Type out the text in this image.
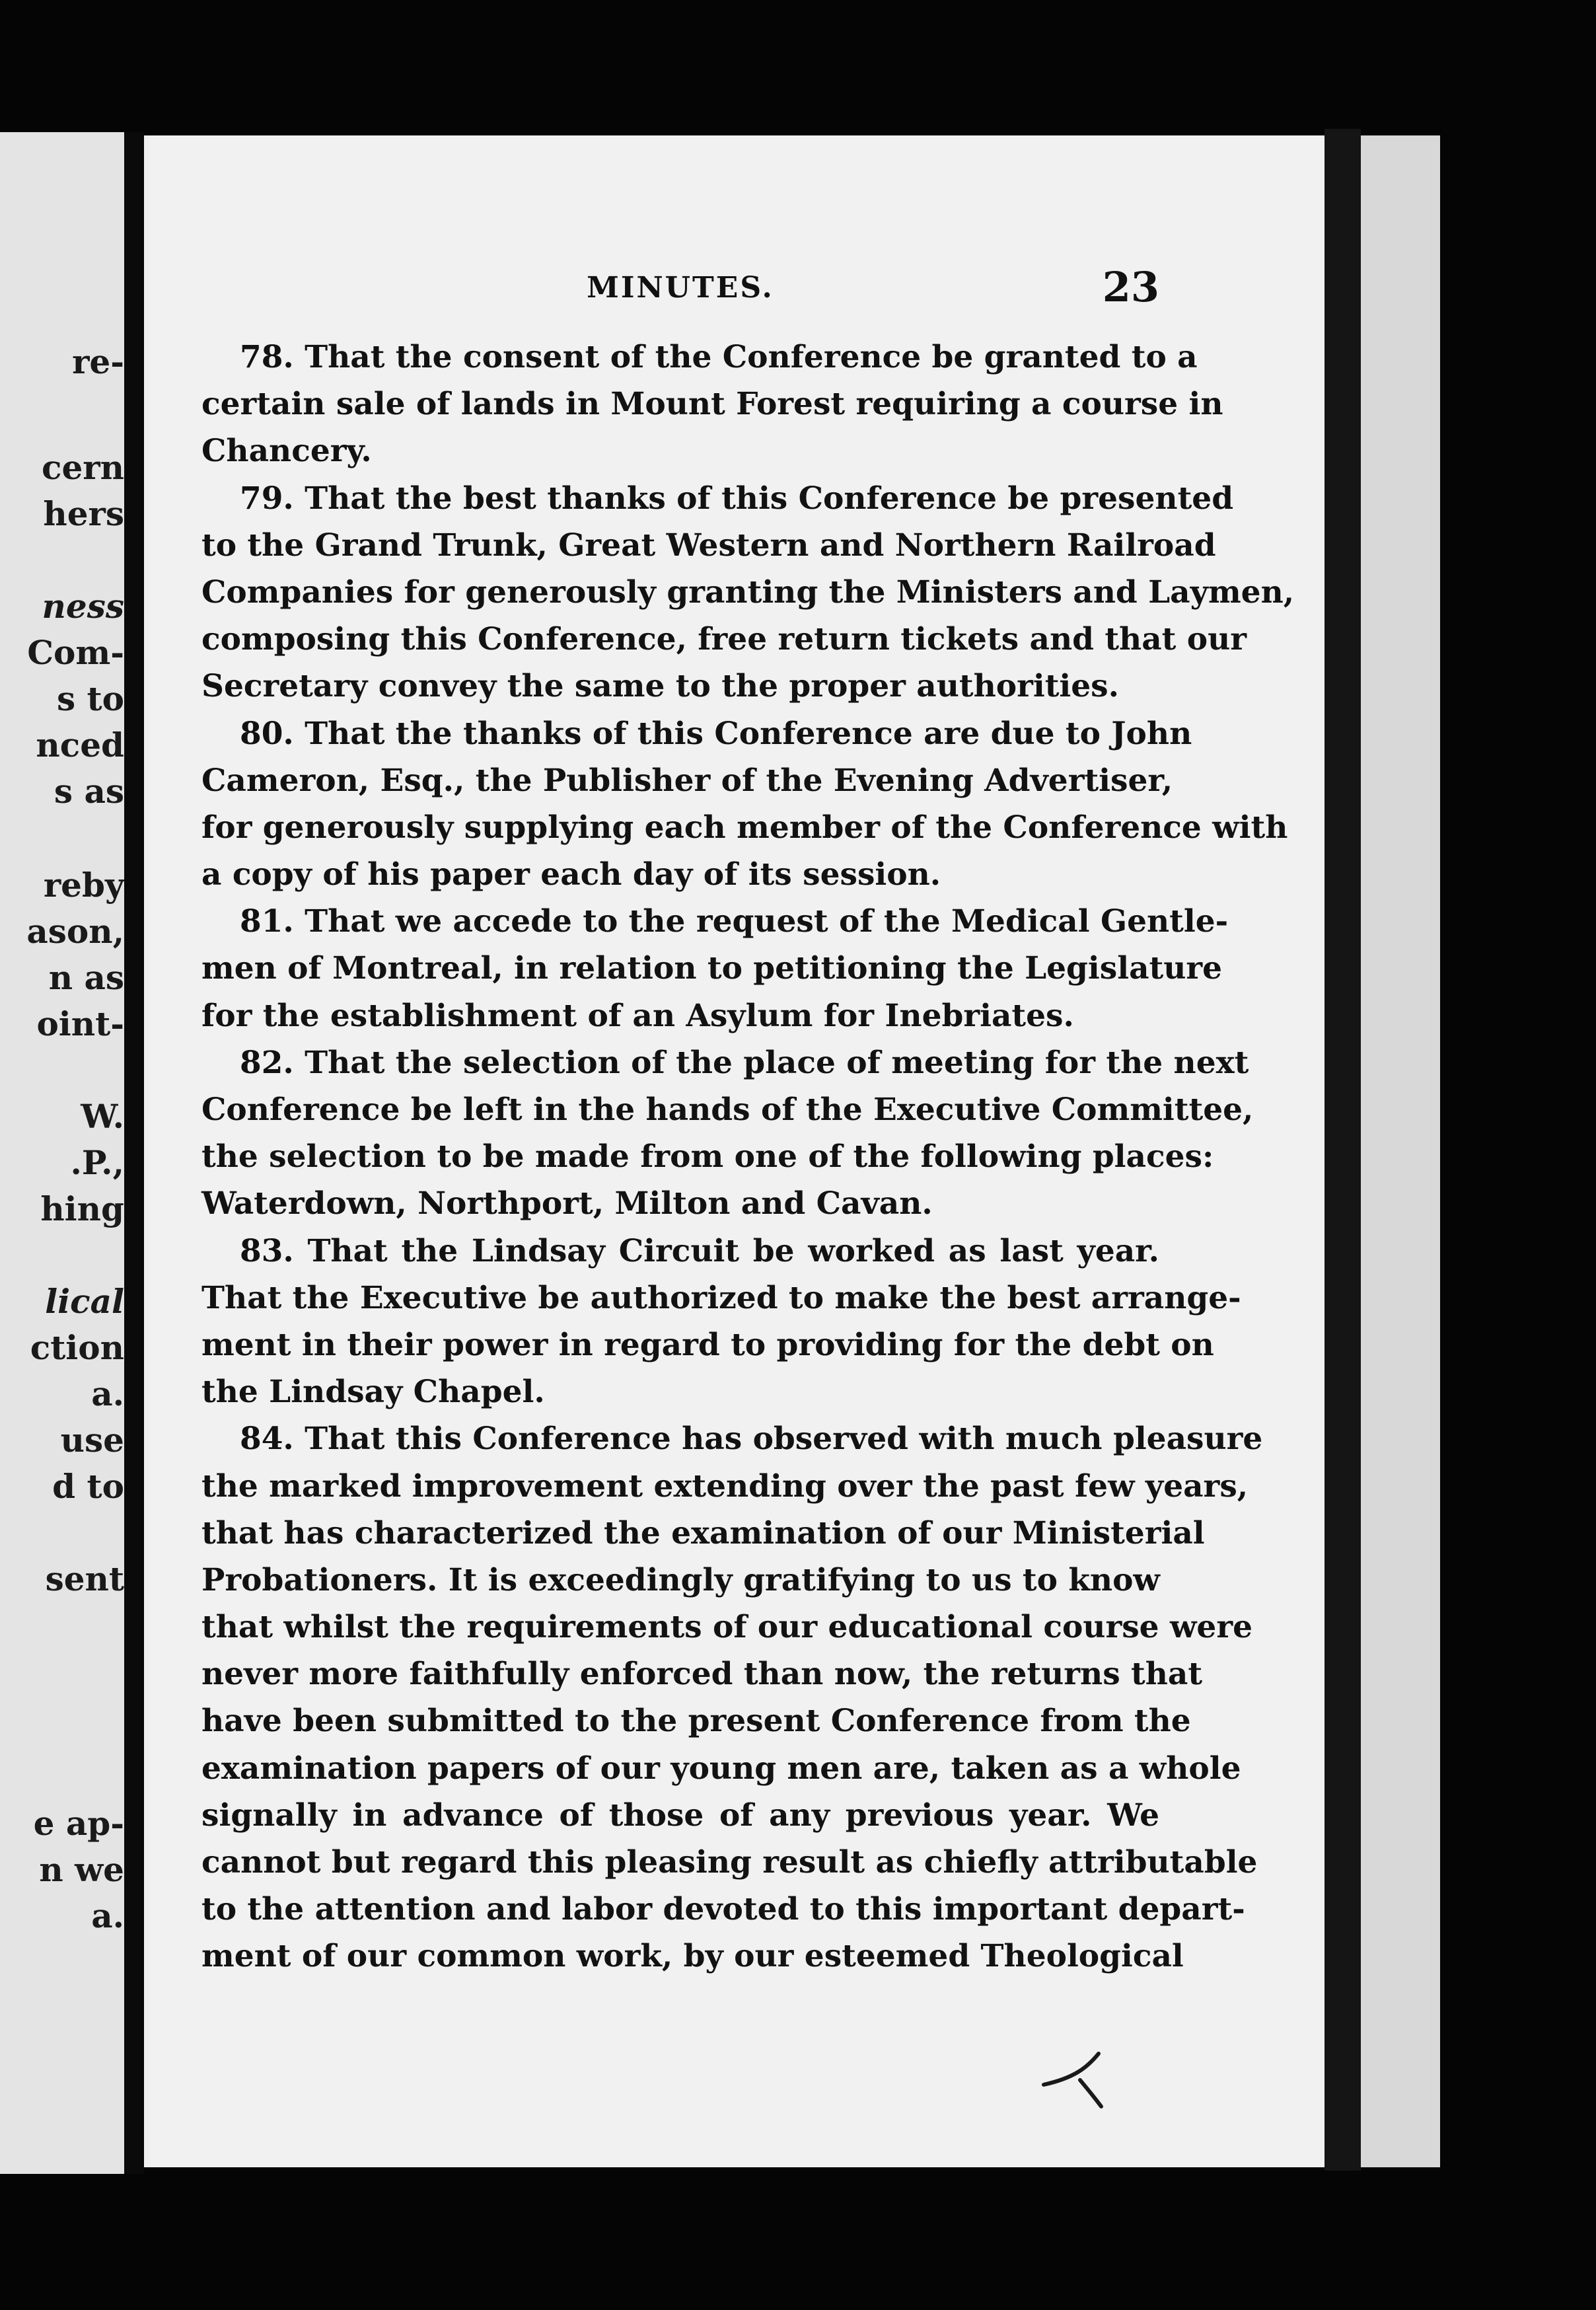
re-
cern
hers
ness
Com-
s to
nced
s as
reby
ason,
n as
oint-
W.
.P.,
hing
lical
ction
a.
use
d to
sent
e ap-
n we
a.
MINUTES.	23
78. That the consent of the Conference be granted to a
certain sale of lands in Mount Forest requiring a course in
Chancery.
79. That the best thanks of this Conference be presented
to the Grand Trunk, Great Western and Northern Railroad
Companies for generously granting the Ministers and Laymen,
composing this Conference, free return tickets and that our
Secretary convey the same to the proper authorities.
80. That the thanks of this Conference are due to John
Cameron, Esq., the Publisher of the Evening Advertiser,
for generously supplying each member of the Conference with
a copy of his paper each day of its session.
81. That we accede to the request of the Medical Gentle-
men of Montreal, in relation to petitioning the Legislature
for the establishment of an Asylum for Inebriates.
82. That the selection of the place of meeting for the next
Conference be left in the hands of the Executive Committee,
the selection to be made from one of the following places:
Waterdown, Northport, Milton and Cavan.
83. That the Lindsay Circuit be worked as last year.
That the Executive be authorized to make the best arrange-
ment in their power in regard to providing for the debt on
the Lindsay Chapel.
84. That this Conference has observed with much pleasure
the marked improvement extending over the past few years,
that has characterized the examination of our Ministerial
Probationers. It is exceedingly gratifying to us to know
that whilst the requirements of our educational course were
never more faithfully enforced than now, the returns that
have been submitted to the present Conference from the
examination papers of our young men are, taken as a whole
signally in advance of those of any previous year. We
cannot but regard this pleasing result as chiefly attributable
to the attention and labor devoted to this important depart-
ment of our common work, by our esteemed Theological
